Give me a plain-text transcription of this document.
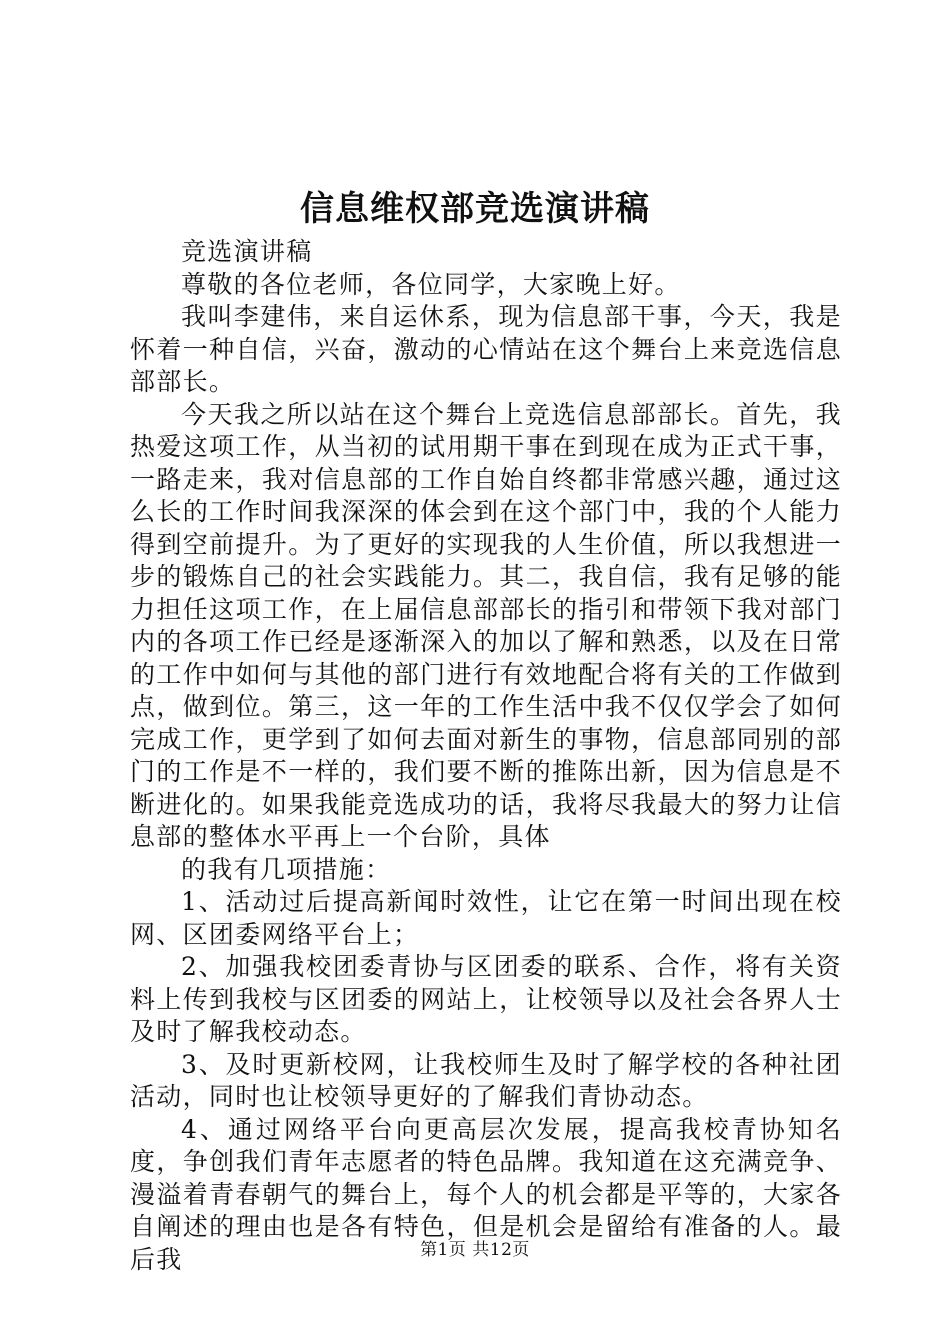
信息维权部竞选演讲稿

竞选演讲稿

尊敬的各位老师，各位同学，大家晚上好。

我叫李建伟，来自运休系，现为信息部干事，今天，我是怀着一种自信，兴奋，激动的心情站在这个舞台上来竞选信息部部长。

今天我之所以站在这个舞台上竞选信息部部长。首先，我热爱这项工作，从当初的试用期干事在到现在成为正式干事，一路走来，我对信息部的工作自始自终都非常感兴趣，通过这么长的工作时间我深深的体会到在这个部门中，我的个人能力得到空前提升。为了更好的实现我的人生价值，所以我想进一步的锻炼自己的社会实践能力。其二，我自信，我有足够的能力担任这项工作，在上届信息部部长的指引和带领下我对部门内的各项工作已经是逐渐深入的加以了解和熟悉，以及在日常的工作中如何与其他的部门进行有效地配合将有关的工作做到点，做到位。第三，这一年的工作生活中我不仅仅学会了如何完成工作，更学到了如何去面对新生的事物，信息部同别的部门的工作是不一样的，我们要不断的推陈出新，因为信息是不断进化的。如果我能竞选成功的话，我将尽我最大的努力让信息部的整体水平再上一个台阶，具体

的我有几项措施：

1、活动过后提高新闻时效性，让它在第一时间出现在校网、区团委网络平台上；

2、加强我校团委青协与区团委的联系、合作，将有关资料上传到我校与区团委的网站上，让校领导以及社会各界人士及时了解我校动态。

3、及时更新校网，让我校师生及时了解学校的各种社团活动，同时也让校领导更好的了解我们青协动态。

4、通过网络平台向更高层次发展，提高我校青协知名度，争创我们青年志愿者的特色品牌。我知道在这充满竞争、漫溢着青春朝气的舞台上，每个人的机会都是平等的，大家各自阐述的理由也是各有特色，但是机会是留给有准备的人。最后我	第1页 共12页
